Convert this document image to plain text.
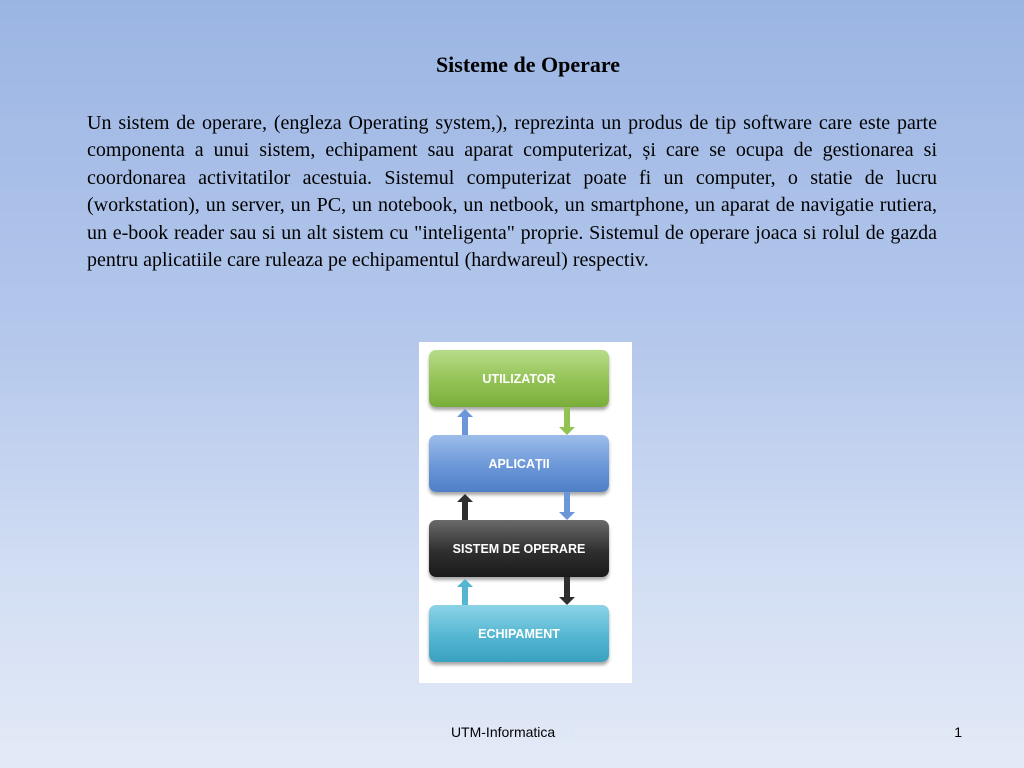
Sisteme de Operare
Un sistem de operare, (engleza Operating system,), reprezinta un produs de tip software care este parte componenta a unui sistem, echipament sau aparat computerizat, și care se ocupa de gestionarea si coordonarea activitatilor acestuia. Sistemul computerizat poate fi un computer, o statie de lucru (workstation), un server, un PC, un notebook, un netbook, un smartphone, un aparat de navigatie rutiera, un e-book reader sau si un alt sistem cu "inteligenta" proprie. Sistemul de operare joaca si rolul de gazda pentru aplicatiile care ruleaza pe echipamentul (hardwareul) respectiv.
UTILIZATOR
APLICAȚII
SISTEM DE OPERARE
ECHIPAMENT
UTM-Informatica ID	1
